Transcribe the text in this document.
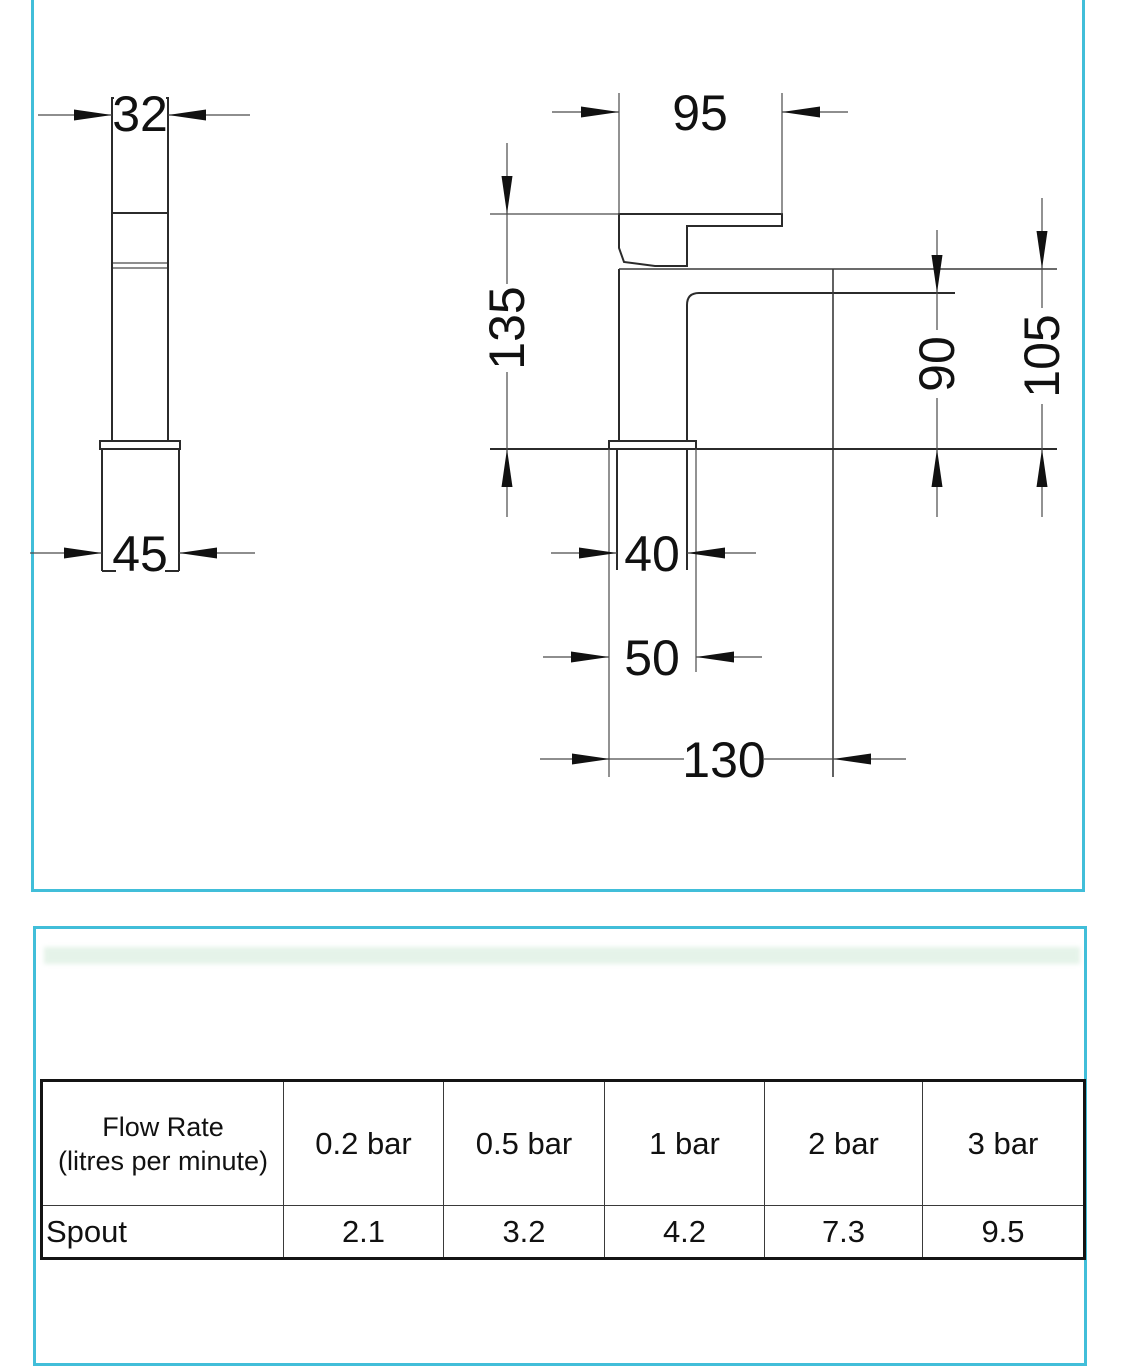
32
45
95
135	90 105
40
50
130
Flow Rate
(litres per minute)	0.2 bar	0.5 bar	1 bar	2 bar	3 bar
Spout	2.1	3.2	4.2	7.3	9.5
